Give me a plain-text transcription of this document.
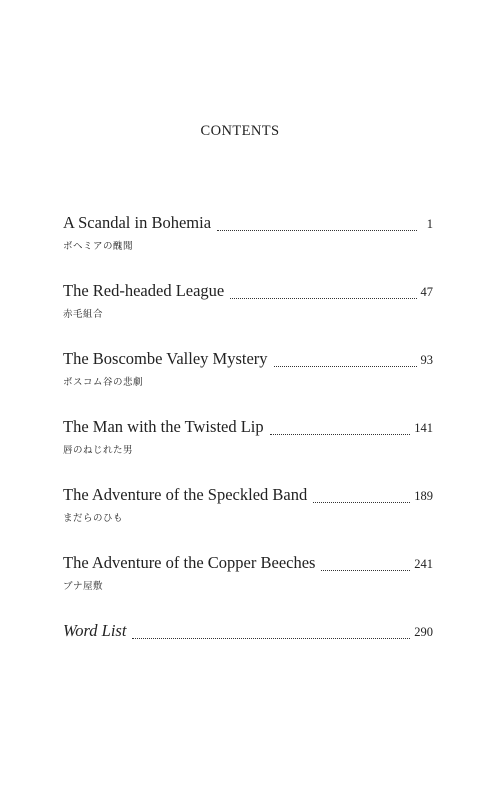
CONTENTS
A Scandal in Bohemia	1
ボヘミアの醜聞
The Red-headed League	47
赤毛組合
The Boscombe Valley Mystery	93
ボスコム谷の悲劇
The Man with the Twisted Lip	141
唇のねじれた男
The Adventure of the Speckled Band	189
まだらのひも
The Adventure of the Copper Beeches	241
ブナ屋敷
Word List	290
